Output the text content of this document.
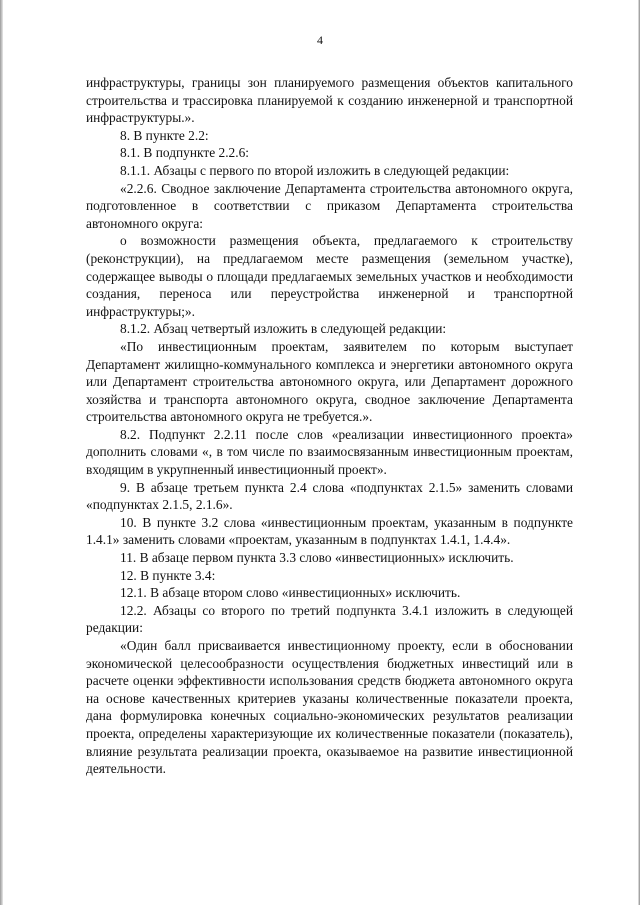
4

инфраструктуры, границы зон планируемого размещения объектов капитального строительства и трассировка планируемой к созданию инженерной и транспортной инфраструктуры.».

8. В пункте 2.2:

8.1. В подпункте 2.2.6:

8.1.1. Абзацы с первого по второй изложить в следующей редакции:

«2.2.6. Сводное заключение Департамента строительства автономного округа, подготовленное в соответствии с приказом Департамента строительства автономного округа:

о возможности размещения объекта, предлагаемого к строительству (реконструкции), на предлагаемом месте размещения (земельном участке), содержащее выводы о площади предлагаемых земельных участков и необходимости создания, переноса или переустройства инженерной и транспортной инфраструктуры;».

8.1.2. Абзац четвертый изложить в следующей редакции:

«По инвестиционным проектам, заявителем по которым выступает Департамент жилищно-коммунального комплекса и энергетики автономного округа или Департамент строительства автономного округа, или Департамент дорожного хозяйства и транспорта автономного округа, сводное заключение Департамента строительства автономного округа не требуется.».

8.2. Подпункт 2.2.11 после слов «реализации инвестиционного проекта» дополнить словами «, в том числе по взаимосвязанным инвестиционным проектам, входящим в укрупненный инвестиционный проект».

9. В абзаце третьем пункта 2.4 слова «подпунктах 2.1.5» заменить словами «подпунктах 2.1.5, 2.1.6».

10. В пункте 3.2 слова «инвестиционным проектам, указанным в подпункте 1.4.1» заменить словами «проектам, указанным в подпунктах 1.4.1, 1.4.4».

11. В абзаце первом пункта 3.3 слово «инвестиционных» исключить.

12. В пункте 3.4:

12.1. В абзаце втором слово «инвестиционных» исключить.

12.2. Абзацы со второго по третий подпункта 3.4.1 изложить в следующей редакции:

«Один балл присваивается инвестиционному проекту, если в обосновании экономической целесообразности осуществления бюджетных инвестиций или в расчете оценки эффективности использования средств бюджета автономного округа на основе качественных критериев указаны количественные показатели проекта, дана формулировка конечных социально-экономических результатов реализации проекта, определены характеризующие их количественные показатели (показатель), влияние результата реализации проекта, оказываемое на развитие инвестиционной деятельности.
